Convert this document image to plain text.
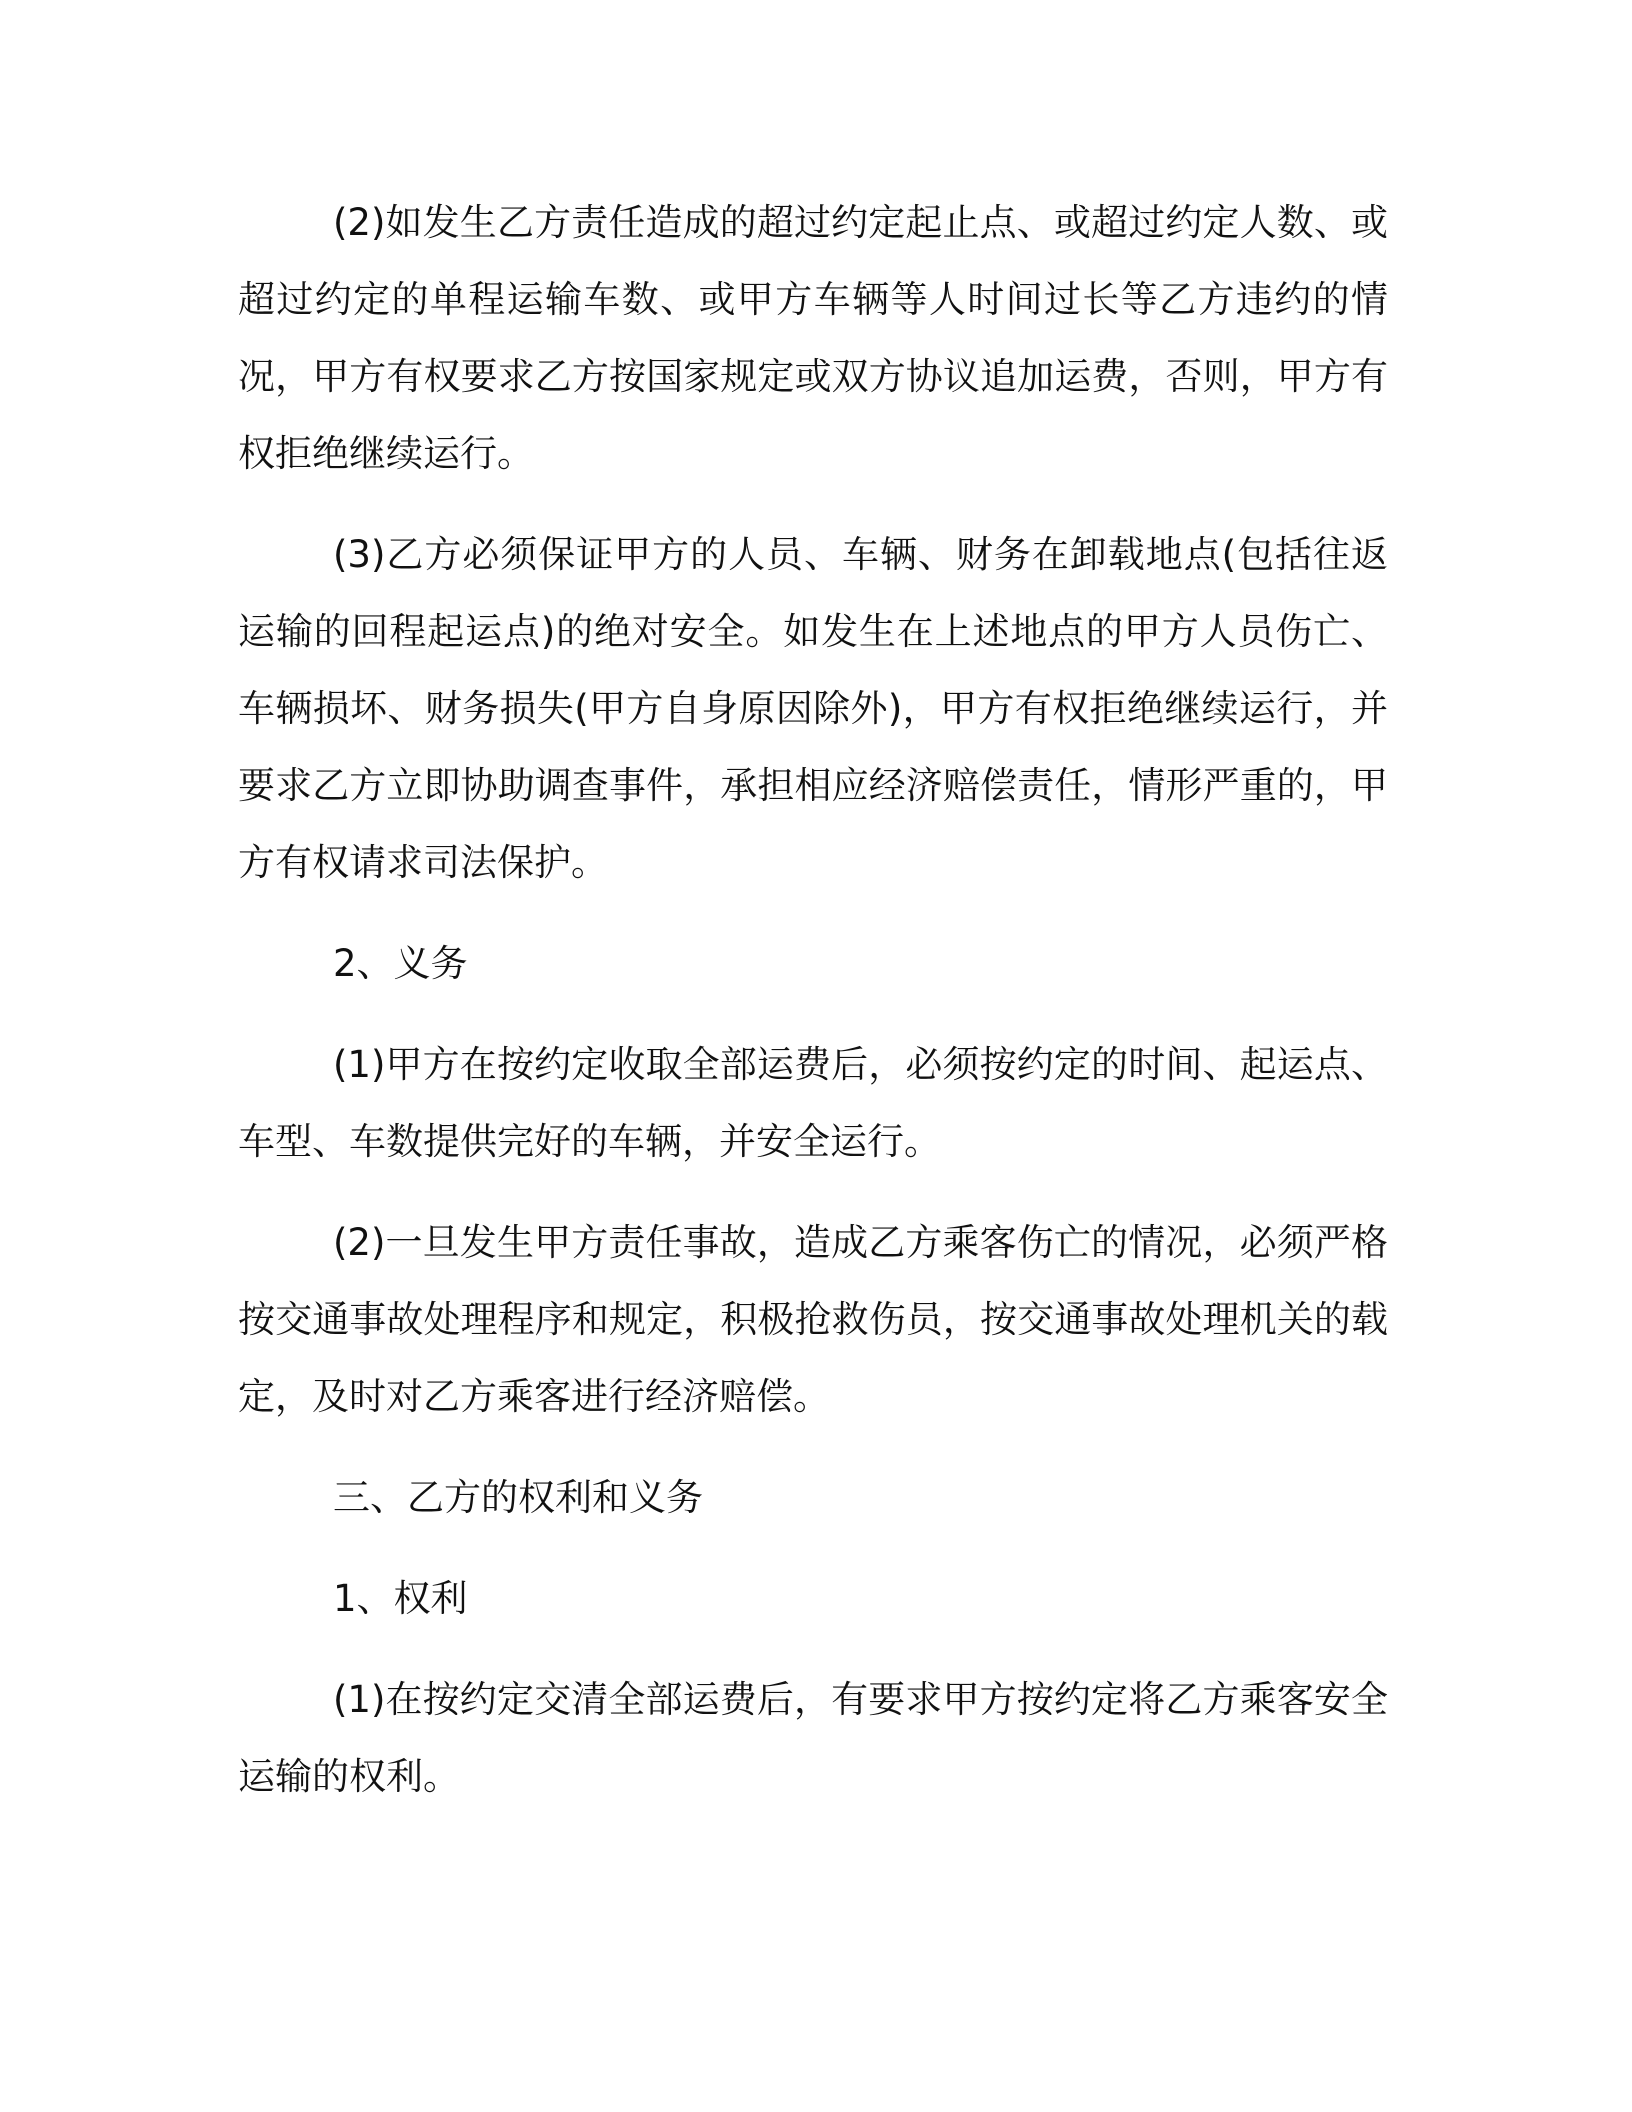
(2)如发生乙方责任造成的超过约定起止点、或超过约定人数、或超过约定的单程运输车数、或甲方车辆等人时间过长等乙方违约的情况，甲方有权要求乙方按国家规定或双方协议追加运费，否则，甲方有权拒绝继续运行。

(3)乙方必须保证甲方的人员、车辆、财务在卸载地点(包括往返运输的回程起运点)的绝对安全。如发生在上述地点的甲方人员伤亡、车辆损坏、财务损失(甲方自身原因除外)，甲方有权拒绝继续运行，并要求乙方立即协助调查事件，承担相应经济赔偿责任，情形严重的，甲方有权请求司法保护。

2、义务

(1)甲方在按约定收取全部运费后，必须按约定的时间、起运点、车型、车数提供完好的车辆，并安全运行。

(2)一旦发生甲方责任事故，造成乙方乘客伤亡的情况，必须严格按交通事故处理程序和规定，积极抢救伤员，按交通事故处理机关的载定，及时对乙方乘客进行经济赔偿。

三、乙方的权利和义务

1、权利

(1)在按约定交清全部运费后，有要求甲方按约定将乙方乘客安全运输的权利。
